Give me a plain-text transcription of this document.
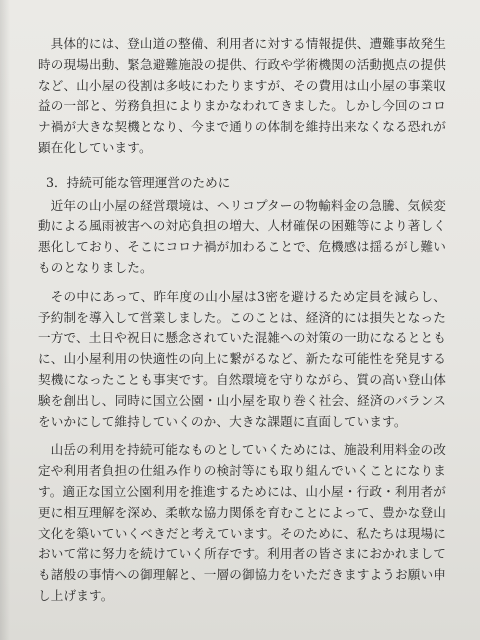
具体的には、登山道の整備、利用者に対する情報提供、遭難事故発生時の現場出動、緊急避難施設の提供、行政や学術機関の活動拠点の提供など、山小屋の役割は多岐にわたりますが、その費用は山小屋の事業収益の一部と、労務負担によりまかなわれてきました。しかし今回のコロナ禍が大きな契機となり、今まで通りの体制を維持出来なくなる恐れが顕在化しています。

3．持続可能な管理運営のために

近年の山小屋の経営環境は、ヘリコプターの物輸料金の急騰、気候変動による風雨被害への対応負担の増大、人材確保の困難等により著しく悪化しており、そこにコロナ禍が加わることで、危機感は揺るがし難いものとなりました。

その中にあって、昨年度の山小屋は3密を避けるため定員を減らし、予約制を導入して営業しました。このことは、経済的には損失となった一方で、土日や祝日に懸念されていた混雑への対策の一助になるとともに、山小屋利用の快適性の向上に繋がるなど、新たな可能性を発見する契機になったことも事実です。自然環境を守りながら、質の高い登山体験を創出し、同時に国立公園・山小屋を取り巻く社会、経済のバランスをいかにして維持していくのか、大きな課題に直面しています。

山岳の利用を持続可能なものとしていくためには、施設利用料金の改定や利用者負担の仕組み作りの検討等にも取り組んでいくことになります。適正な国立公園利用を推進するためには、山小屋・行政・利用者が更に相互理解を深め、柔軟な協力関係を育むことによって、豊かな登山文化を築いていくべきだと考えています。そのために、私たちは現場において常に努力を続けていく所存です。利用者の皆さまにおかれましても諸般の事情への御理解と、一層の御協力をいただきますようお願い申し上げます。
